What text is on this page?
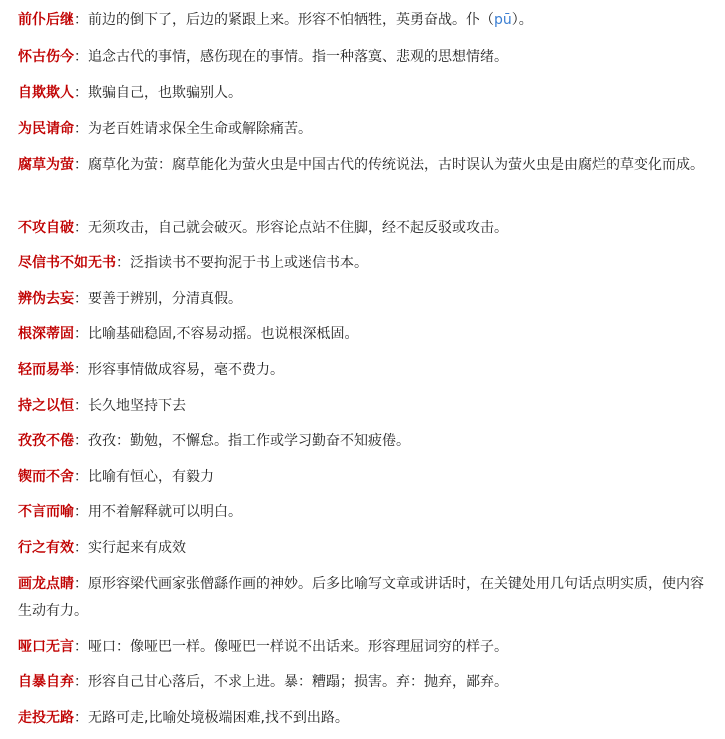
前仆后继：前边的倒下了，后边的紧跟上来。形容不怕牺牲，英勇奋战。仆（pū）。

怀古伤今：追念古代的事情，感伤现在的事情。指一种落寞、悲观的思想情绪。

自欺欺人：欺骗自己，也欺骗别人。

为民请命：为老百姓请求保全生命或解除痛苦。

腐草为萤：腐草化为萤：腐草能化为萤火虫是中国古代的传统说法，古时误认为萤火虫是由腐烂的草变化而成。

不攻自破：无须攻击，自己就会破灭。形容论点站不住脚，经不起反驳或攻击。

尽信书不如无书：泛指读书不要拘泥于书上或迷信书本。

辨伪去妄：要善于辨别，分清真假。

根深蒂固：比喻基础稳固,不容易动摇。也说根深柢固。

轻而易举：形容事情做成容易，毫不费力。

持之以恒：长久地坚持下去

孜孜不倦：孜孜：勤勉，不懈怠。指工作或学习勤奋不知疲倦。

锲而不舍：比喻有恒心，有毅力

不言而喻：用不着解释就可以明白。

行之有效：实行起来有成效

画龙点睛：原形容梁代画家张僧繇作画的神妙。后多比喻写文章或讲话时，在关键处用几句话点明实质，使内容生动有力。

哑口无言：哑口：像哑巴一样。像哑巴一样说不出话来。形容理屈词穷的样子。

自暴自弃：形容自己甘心落后，不求上进。暴：糟蹋；损害。弃：抛弃，鄙弃。

走投无路：无路可走,比喻处境极端困难,找不到出路。
